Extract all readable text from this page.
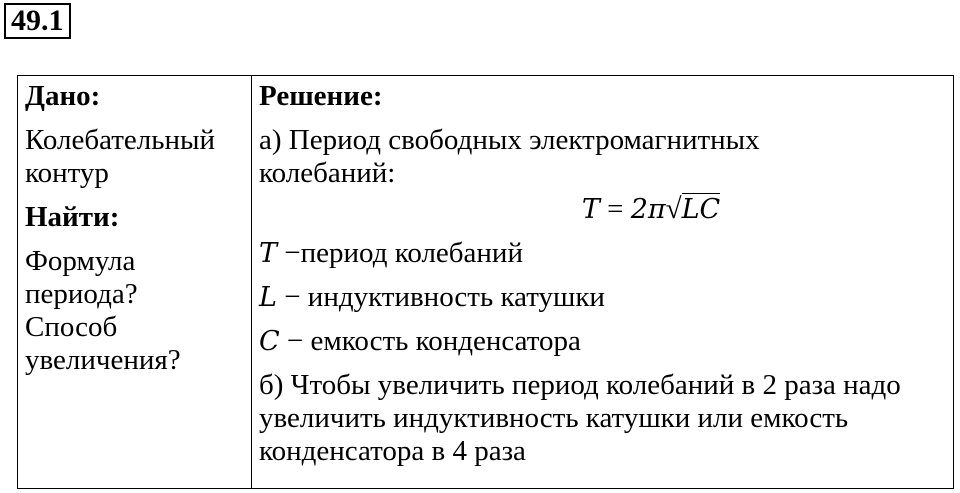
49.1
Дано:
Колебательный
контур
Найти:
Формула
периода?
Способ
увеличения?

Решение:
а) Период свободных электромагнитных
колебаний:
T = 2π√LC
T −период колебаний
L − индуктивность катушки
C − емкость конденсатора
б) Чтобы увеличить период колебаний в 2 раза надо
увеличить индуктивность катушки или емкость
конденсатора в 4 раза
